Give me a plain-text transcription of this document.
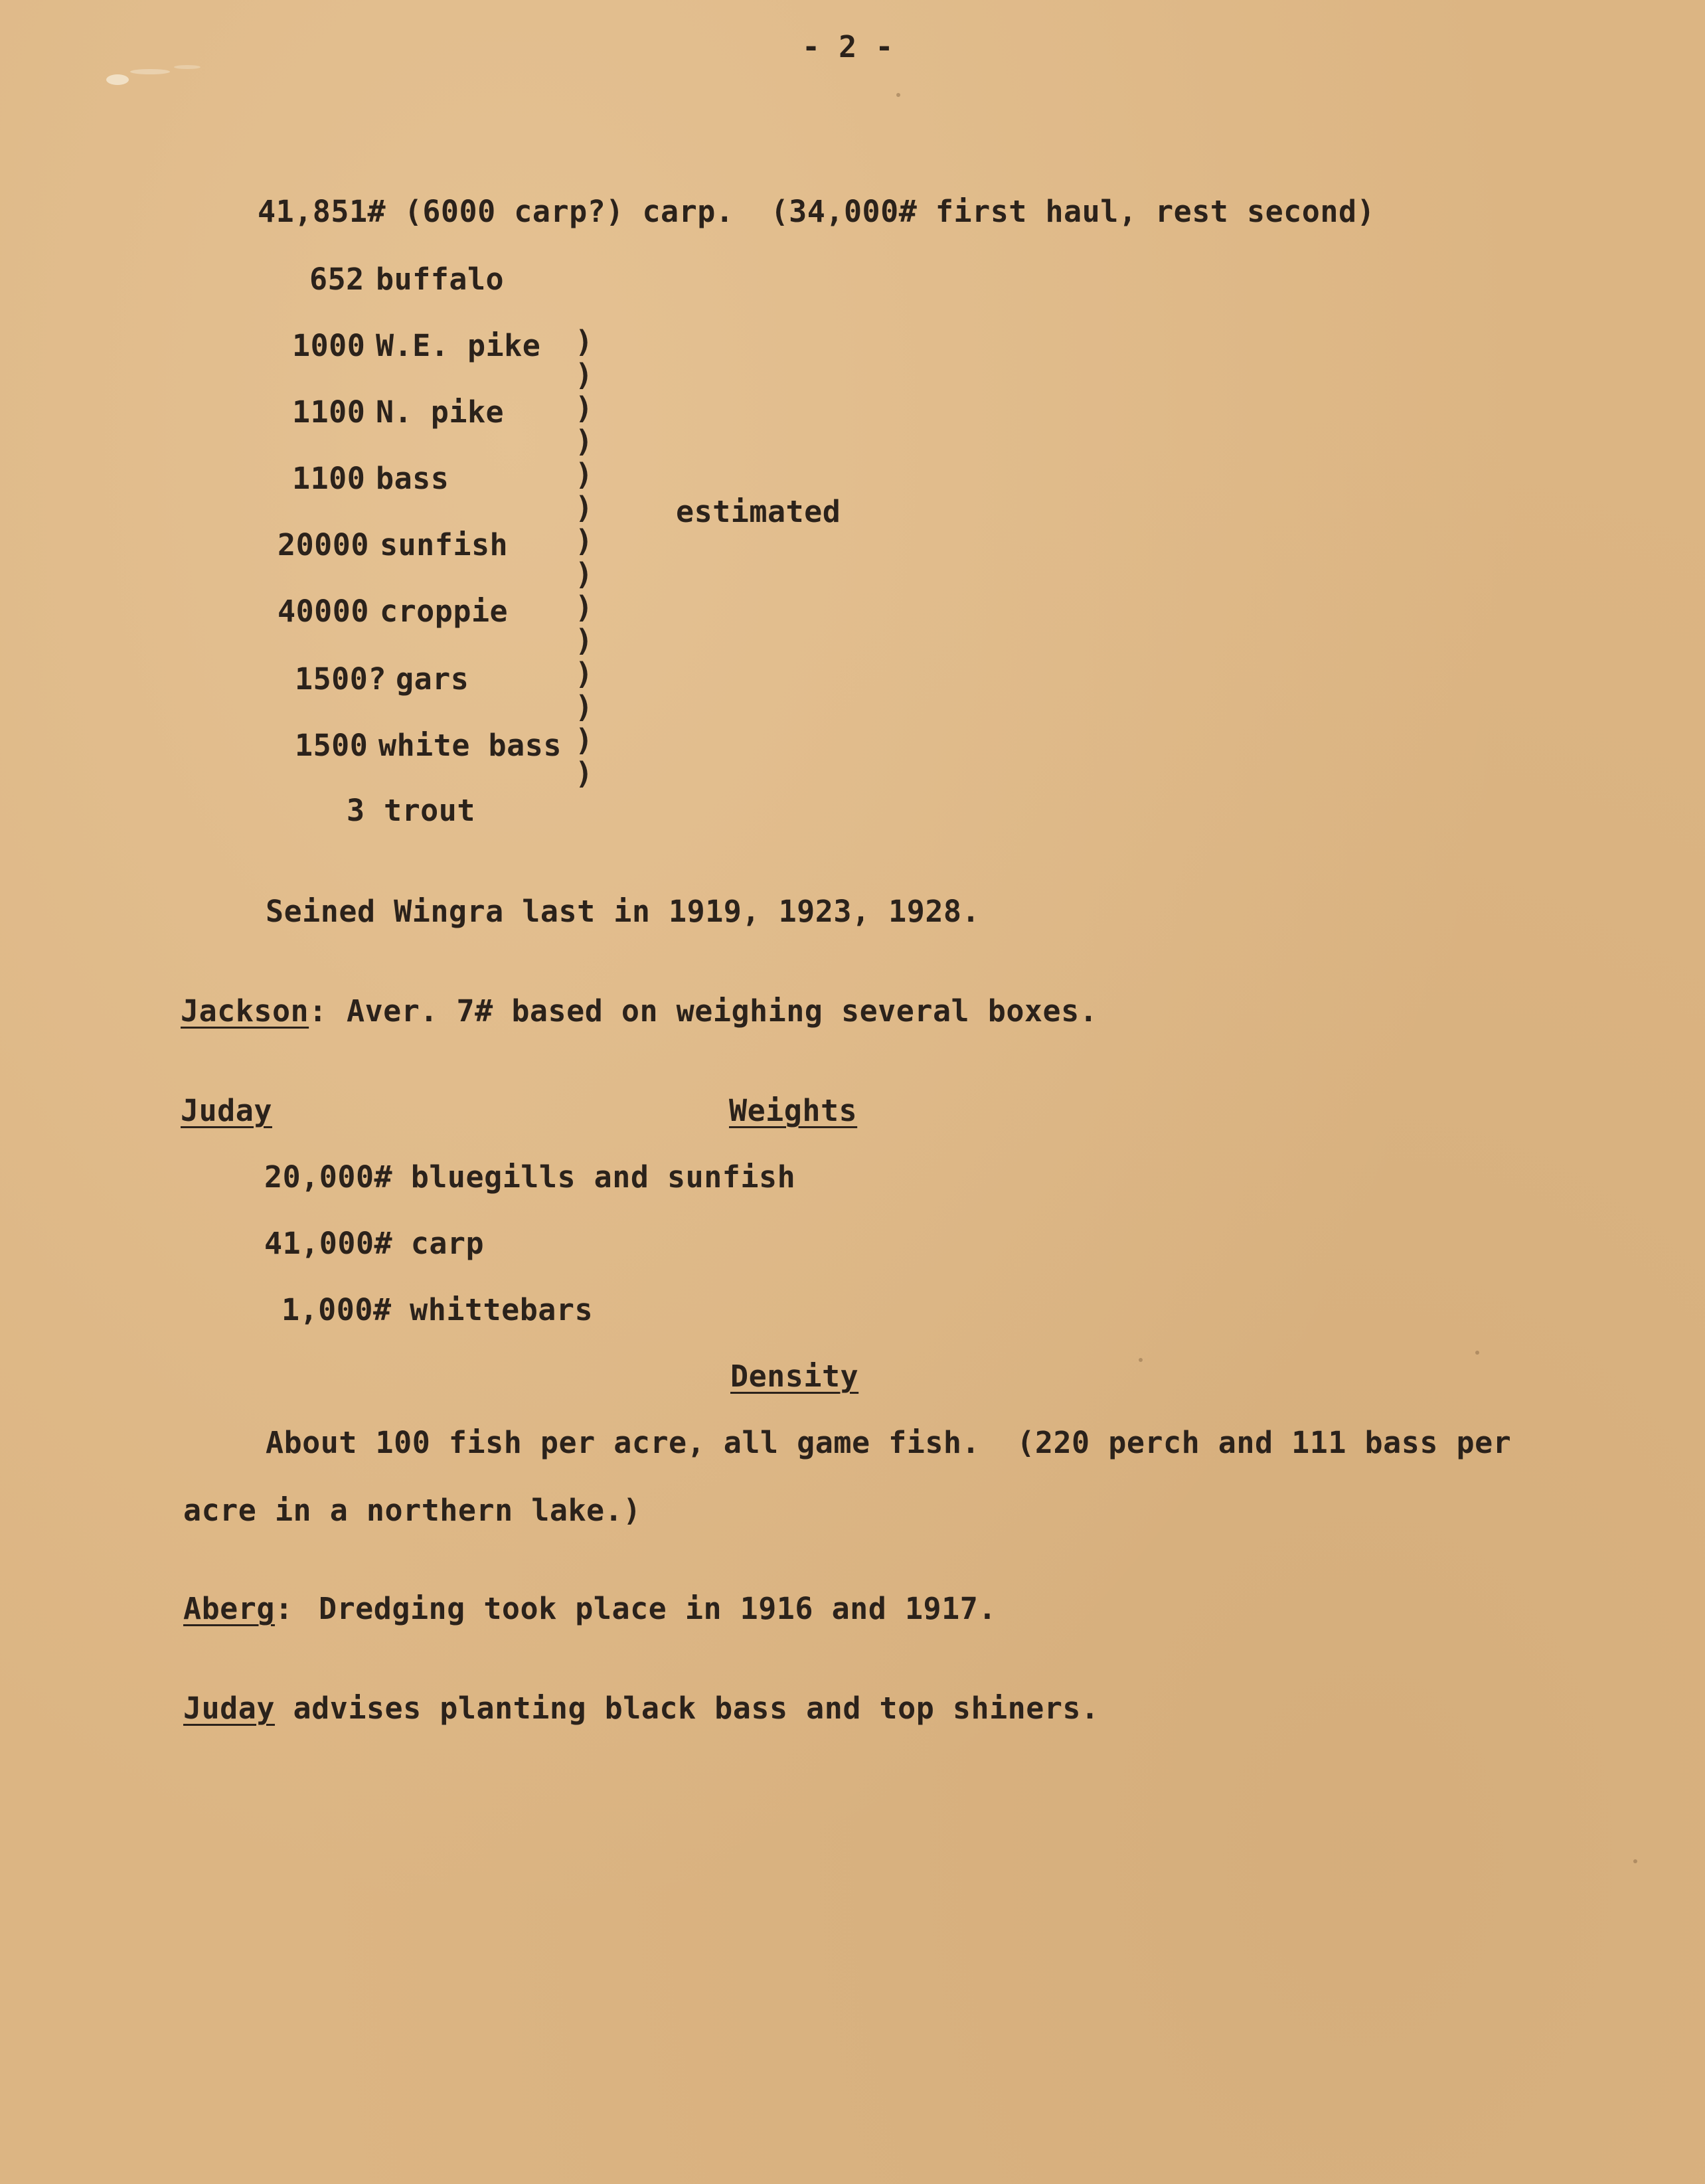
- 2 -
41,851# (6000 carp?) carp.  (34,000# first haul, rest second)
652 buffalo
1000 W.E. pike
1100 N. pike
1100 bass
20000 sunfish
40000 croppie
1500? gars
1500 white bass
3 trout
)
)
)
)
)
)
)
)
)
)
)
)
)
)
estimated
Seined Wingra last in 1919, 1923, 1928.
Jackson: Aver. 7# based on weighing several boxes.
Juday	Weights
20,000# bluegills and sunfish
41,000# carp
1,000# whittebars
Density
About 100 fish per acre, all game fish.  (220 perch and 111 bass per
acre in a northern lake.)
Aberg: Dredging took place in 1916 and 1917.
Juday advises planting black bass and top shiners.
